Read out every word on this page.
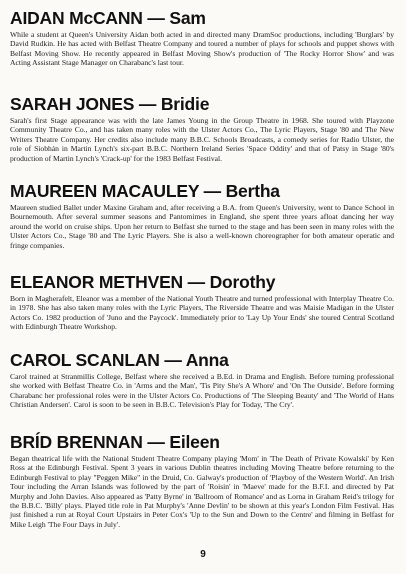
AIDAN McCANN — Sam
While a student at Queen's University Aidan both acted in and directed many DramSoc productions, including 'Burglars' by David Rudkin. He has acted with Belfast Theatre Company and toured a number of plays for schools and puppet shows with Belfast Moving Show. He recently appeared in Belfast Moving Show's production of 'The Rocky Horror Show' and was Acting Assistant Stage Manager on Charabanc's last tour.
SARAH JONES — Bridie
Sarah's first Stage appearance was with the late James Young in the Group Theatre in 1968. She toured with Playzone Community Theatre Co., and has taken many roles with the Ulster Actors Co., The Lyric Players, Stage '80 and The New Writers Theatre Company. Her credits also include many B.B.C. Schools Broadcasts, a comedy series for Radio Ulster, the role of Siobhán in Martin Lynch's six-part B.B.C. Northern Ireland Series 'Space Oddity' and that of Patsy in Stage '80's production of Martin Lynch's 'Crack-up' for the 1983 Belfast Festival.
MAUREEN MACAULEY — Bertha
Maureen studied Ballet under Maxine Graham and, after receiving a B.A. from Queen's University, went to Dance School in Bournemouth. After several summer seasons and Pantomimes in England, she spent three years afloat dancing her way around the world on cruise ships. Upon her return to Belfast she turned to the stage and has been seen in many roles with the Ulster Actors Co., Stage '80 and The Lyric Players. She is also a well-known choreographer for both amateur operatic and fringe companies.
ELEANOR METHVEN — Dorothy
Born in Magherafelt, Eleanor was a member of the National Youth Theatre and turned professional with Interplay Theatre Co. in 1978. She has also taken many roles with the Lyric Players, The Riverside Theatre and was Maisie Madigan in the Ulster Actors Co. 1982 production of 'Juno and the Paycock'. Immediately prior to 'Lay Up Your Ends' she toured Central Scotland with Edinburgh Theatre Workshop.
CAROL SCANLAN — Anna
Carol trained at Stranmillis College, Belfast where she received a B.Ed. in Drama and English. Before turning professional she worked with Belfast Theatre Co. in 'Arms and the Man', 'Tis Pity She's A Whore' and 'On The Outside'. Before forming Charabanc her professional roles were in the Ulster Actors Co. Productions of 'The Sleeping Beauty' and 'The World of Hans Christian Andersen'. Carol is soon to be seen in B.B.C. Television's Play for Today, 'The Cry'.
BRÍD BRENNAN — Eileen
Began theatrical life with the National Student Theatre Company playing 'Mom' in 'The Death of Private Kowalski' by Ken Ross at the Edinburgh Festival. Spent 3 years in various Dublin theatres including Moving Theatre before returning to the Edinburgh Festival to play "Peggen Mike" in the Druid, Co. Galway's production of 'Playboy of the Western World'. An Irish Tour including the Arran Islands was followed by the part of 'Roisin' in 'Maeve' made for the B.F.I. and directed by Pat Murphy and John Davies. Also appeared as 'Patty Byrne' in 'Ballroom of Romance' and as Lorna in Graham Reid's trilogy for the B.B.C. 'Billy' plays. Played title role in Pat Murphy's 'Anne Devlin' to be shown at this year's London Film Festival. Has just finished a run at Royal Court Upstairs in Peter Cox's 'Up to the Sun and Down to the Centre' and filming in Belfast for Mike Leigh 'The Four Days in July'.
9
